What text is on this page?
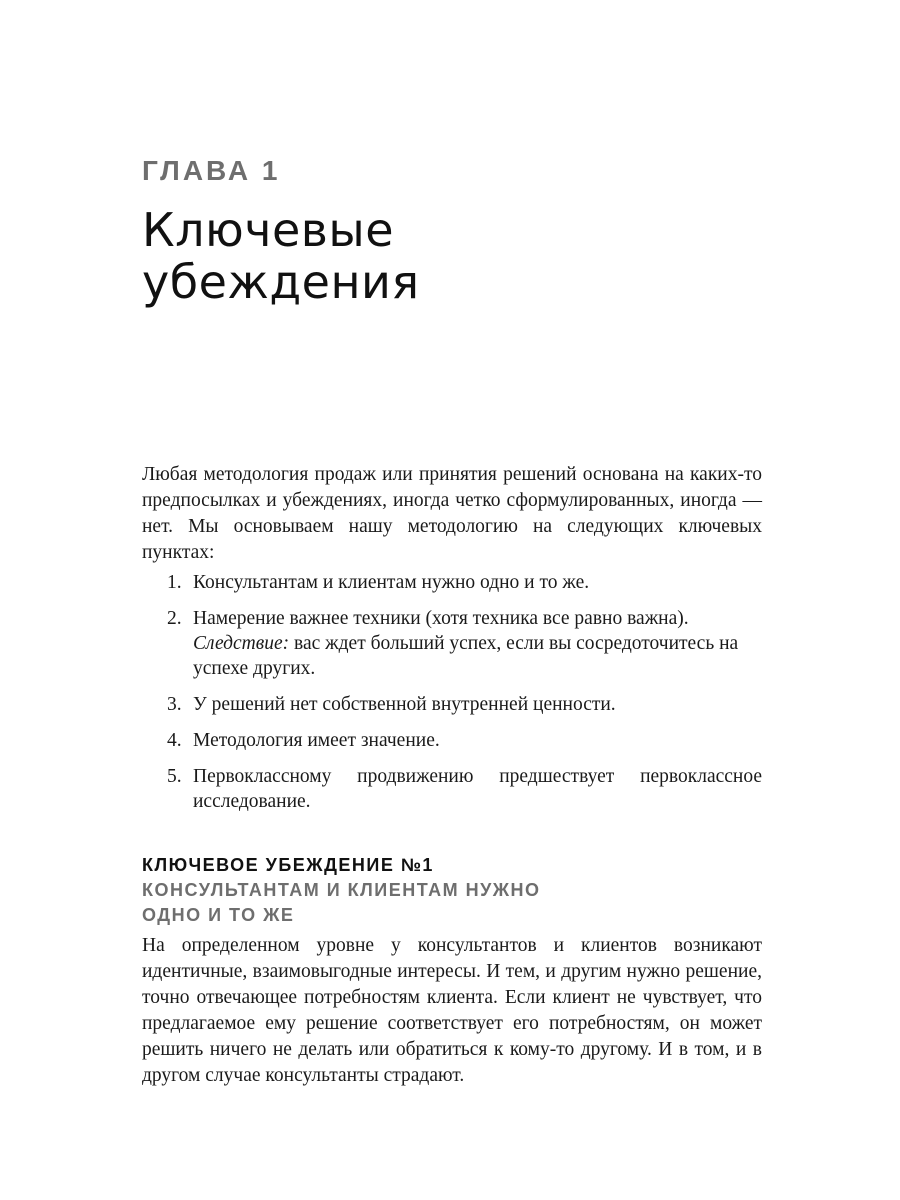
ГЛАВА 1
Ключевые
убеждения

Любая методология продаж или принятия решений основана на каких-то предпосылках и убеждениях, иногда четко сформулированных, иногда — нет. Мы основываем нашу методологию на следующих ключевых пунктах:

1. Консультантам и клиентам нужно одно и то же.
2. Намерение важнее техники (хотя техника все равно важна).
Следствие: вас ждет больший успех, если вы сосредоточитесь на успехе других.
3. У решений нет собственной внутренней ценности.
4. Методология имеет значение.
5. Первоклассному продвижению предшествует первоклассное исследование.
КЛЮЧЕВОЕ УБЕЖДЕНИЕ №1
КОНСУЛЬТАНТАМ И КЛИЕНТАМ НУЖНО
ОДНО И ТО ЖЕ

На определенном уровне у консультантов и клиентов возникают идентичные, взаимовыгодные интересы. И тем, и другим нужно решение, точно отвечающее потребностям клиента. Если клиент не чувствует, что предлагаемое ему решение соответствует его потребностям, он может решить ничего не делать или обратиться к кому-то другому. И в том, и в другом случае консультанты страдают.
